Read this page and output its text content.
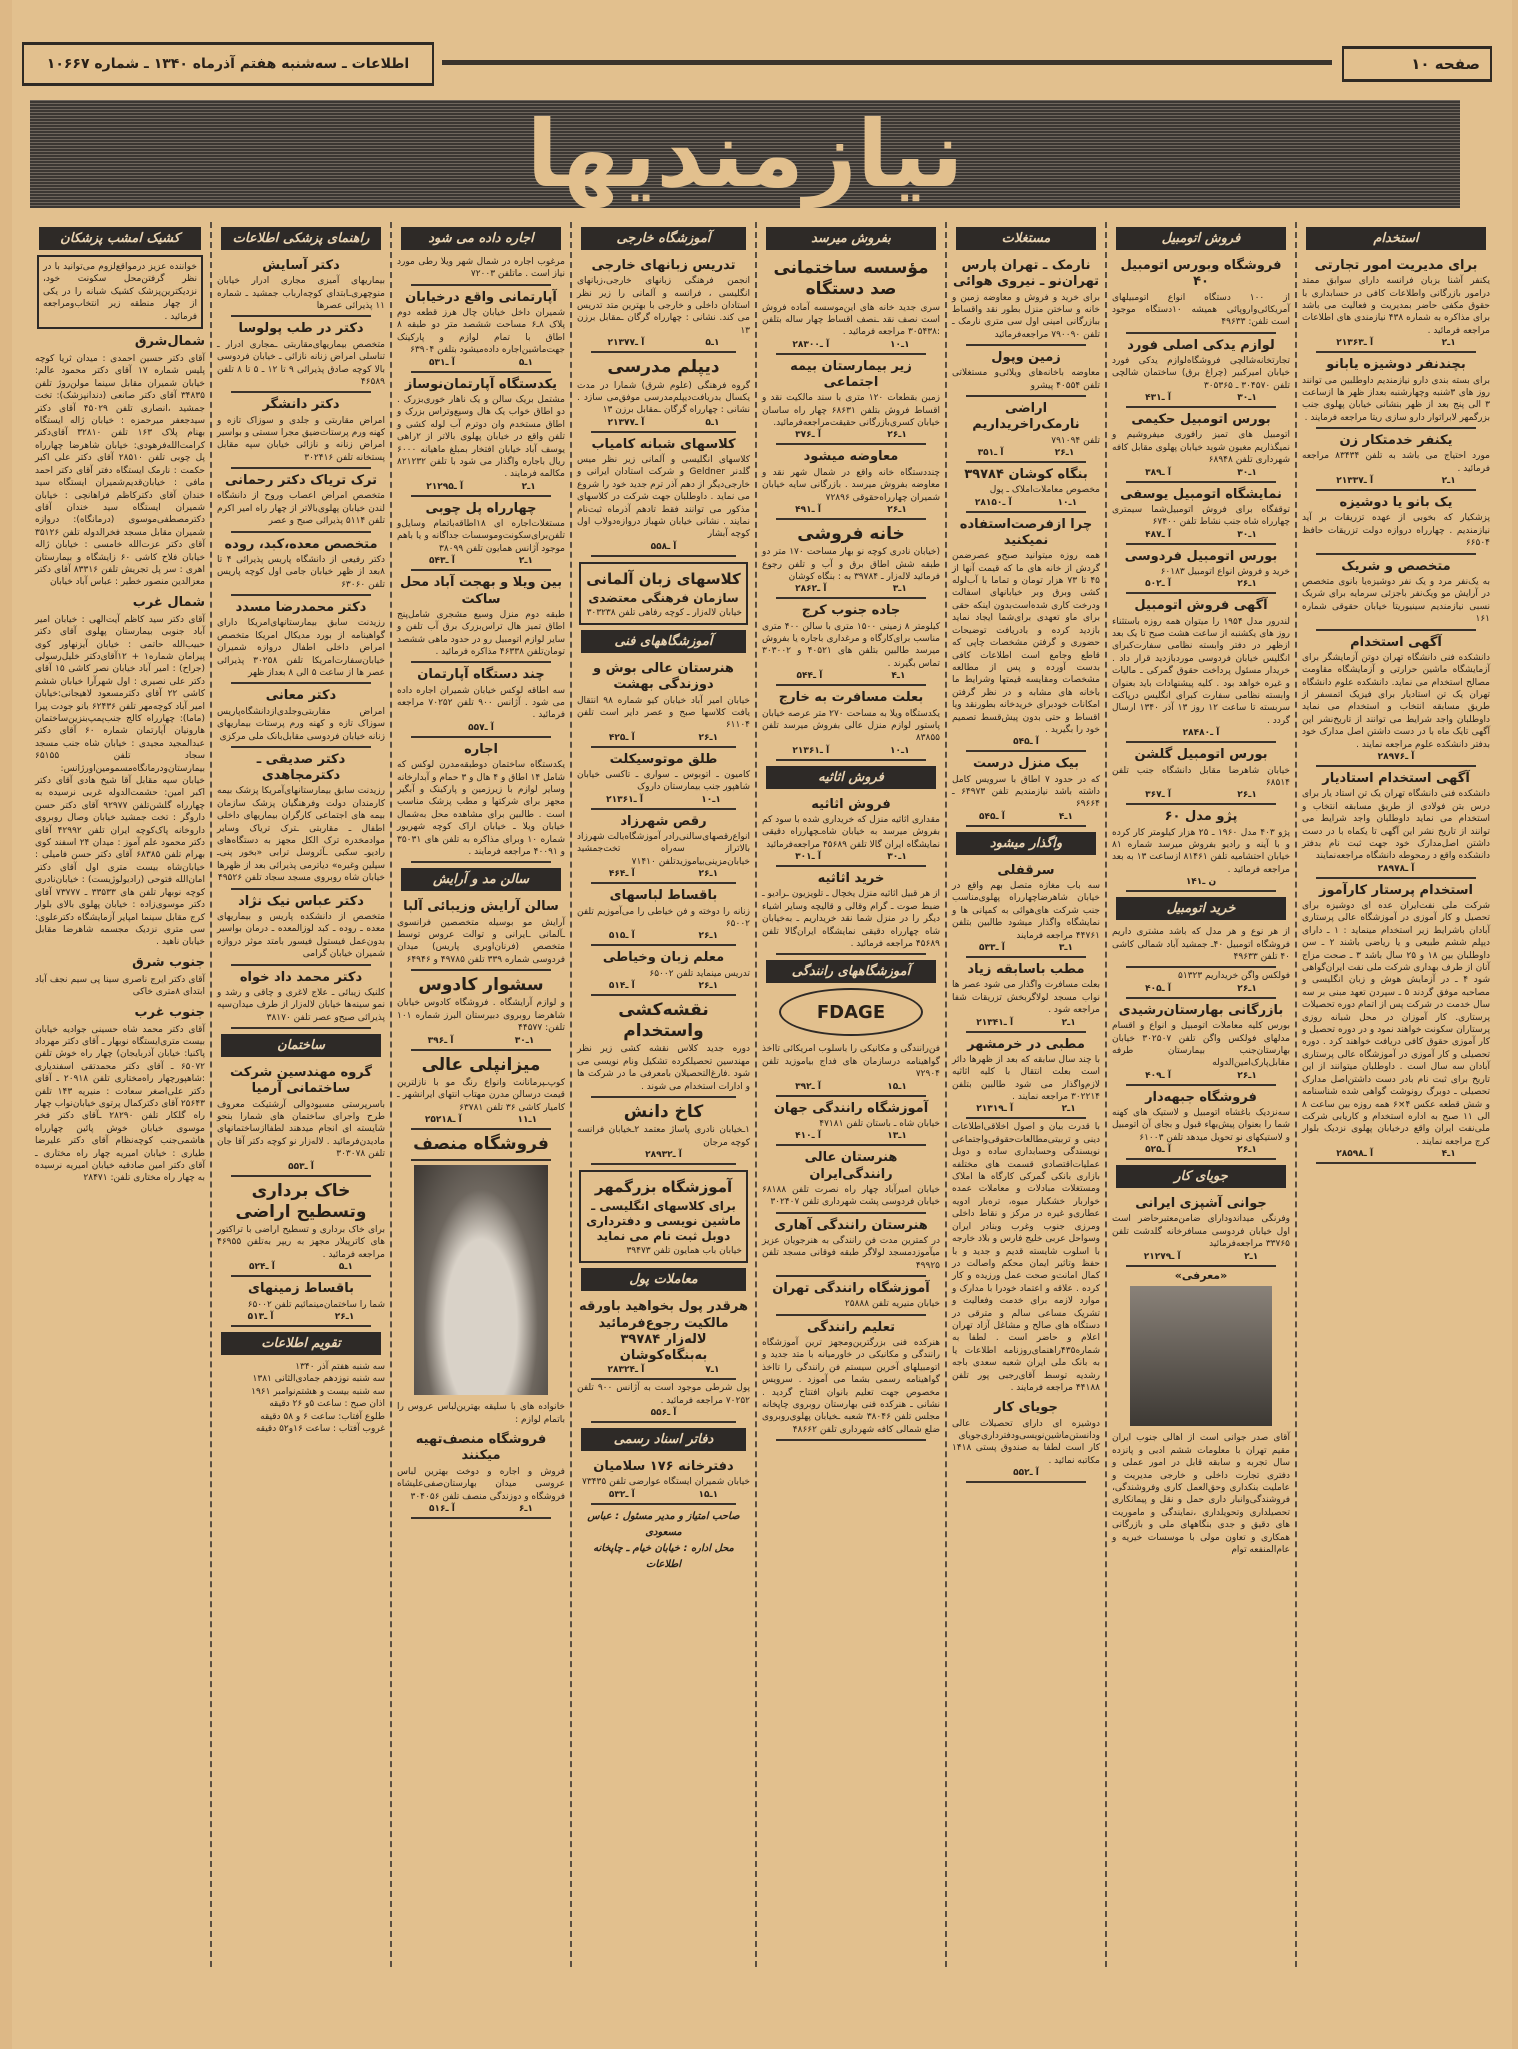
صفحه ۱۰
اطلاعات ـ سه‌شنبه هفتم آذرماه ۱۳۴۰ ـ شماره ۱۰۶۶۷
نیازمندیها
استخدام
برای مدیریت امور تجارتی
یکنفر آشنا بزبان فرانسه دارای سوابق ممتد درامور بازرگانی واطلاعات کافی در حسابداری با حقوق مکفی حاضر بمدیریت و فعالیت می باشد برای مذاکره به شماره ۴۳۸ نیازمندی های اطلاعات مراجعه فرمائید .
۱ـ۲
آ ـ۲۱۳۶۳
بچندنفر دوشیزه یابانو
برای بسته بندی دارو نیازمندیم داوطلبین می توانند روز های ۳شنبه وچهارشنبه بعداز ظهر ها ازساعت ۳ الی پنج بعد از ظهر بنشانی خیابان پهلوی جنب بزرگمهر لابراتوار دارو سازی ریتا مراجعه فرمایند .
یکنفر خدمتکار زن
مورد احتیاج می باشد به تلفن ۸۳۴۳۴ مراجعه فرمائید .
۱ـ۲
آ ـ۲۱۳۳۷
یک بانو یا دوشیزه
پزشکیار که بخوبی از عهده تزریقات بر آید نیازمندیم . چهارراه دروازه دولت تزریقات حافظ ۶۶۵۰۴
متخصص و شریک
به یک‌نفر مرد و یک نفر دوشیزه‌یا بانوی متخصص در آرایش مو ویک‌نفر باجزئی سرمایه برای شریک نسبی نیازمندیم سینیوریتا خیابان حقوقی شماره ۱۶۱
آگهی استخدام
دانشکده فنی دانشگاه تهران دوتن آزمایشگر برای آزمایشگاه ماشین حرارتی و آزمایشگاه مقاومت مصالح استخدام می نماید. دانشکده علوم دانشگاه تهران یک تن استادیار برای فیزیک اتمسفر از طریق مسابقه انتخاب و استخدام می نماید داوطلبان واجد شرایط می توانند از تاریخ‌نشر این آگهی تایک ماه با در دست داشتن اصل مدارک خود بدفتر دانشکده علوم مراجعه نمایند .
آ ـ۲۸۹۷۶
آگهی استخدام استادیار
دانشکده فنی دانشگاه تهران یک تن استاد یار برای درس بتن فولادی از طریق مسابقه انتخاب و استخدام می نماید داوطلبان واجد شرایط می توانند از تاریخ نشر این آگهی تا یکماه با در دست داشتن اصل‌مدارک خود جهت ثبت نام بدفتر دانشکده واقع د رمحوطه دانشگاه مراجعه‌نمایند
آ ـ۲۸۹۷۸
استخدام پرستار کارآموز
شرکت ملی نفت‌ایران عده ای دوشیزه برای تحصیل و کار آموزی در آموزشگاه عالی پرستاری آبادان باشرایط زیر استخدام مینماید : ۱ ـ دارای دیپلم ششم طبیعی و یا ریاضی باشند ۲ ـ سن داوطلبان بین ۱۸ و ۲۵ سال باشد ۳ ـ صحت مزاج آنان از طرف بهداری شرکت ملی نفت ایران‌گواهی شود ۴ ـ در آزمایش هوش و زبان انگلیسی و مصاحبه موفق گردند ۵ ـ سپردن تعهد مبنی بر سه سال خدمت در شرکت پس از اتمام دوره تحصیلات پرستاری. کار آموزان در محل شبانه روزی پرستاران سکونت خواهند نمود و در دوره تحصیل و کار آموزی حقوق کافی دریافت خواهند کرد . دوره تحصیلی و کار آموزی در آموزشگاه عالی پرستاری آبادان سه سال است . داوطلبان میتوانند از این تاریخ برای ثبت نام بادر دست داشتن‌اصل مدارک تحصیلی ـ دوبرگ رونوشت گواهی شده شناسنامه و شش قطعه عکس ۴×۶ همه روزه بین ساعت ۸ الی ۱۱ صبح به اداره استخدام و کاریابی شرکت ملی‌نفت ایران واقع درخیابان پهلوی نزدیک بلوار کرج مراجعه نمایند .
۱ـ۴
آ ـ۲۸۵۹۸
فروش اتومبیل
فروشگاه وبورس اتومبیل ۴۰
از ۱۰۰ دستگاه انواع اتومبیلهای آمریکائی‌واروپائی همیشه ۱۰دستگاه موجود است تلفن: ۴۹۶۳۳
لوازم یدکی اصلی فورد
تجارتخانه‌شالچی فروشگاه‌لوازم یدکی فورد خیابان امیرکبیر (چراغ برق) ساختمان شالچی تلفن ۳۰۴۵۷۰ ـ ۳۰۵۳۶۵
۱ـ۳۰
آ ـ۴۳۱
بورس اتومبیل حکیمی
اتومبیل های تمیز رافوری میفروشیم و نمیگذاریم مغبون شوید خیابان پهلوی مقابل کافه شهرداری تلفن ۶۸۹۴۸
۱ـ۳۰
آ ـ۳۸۹
نمایشگاه اتومبیل یوسفی
توقفگاه برای فروش اتومبیل‌شما سیمتری چهارراه شاه جنب نشاط تلفن ۶۷۴۰۰
۱ـ۳۰
آ ـ۴۸۷
بورس اتومبیل فردوسی
خرید و فروش انواع اتومبیل ۶۰۱۸۳
۱ـ۲۶
آ ـ۵۰۲
آگهی فروش اتومبیل
لندرور مدل ۱۹۵۴ را میتوان همه روزه باستثناء روز های یکشنبه از ساعت هشت صبح تا یک بعد ازظهر در دفتر وابسته نظامی سفارت‌کبرای انگلیس خیابان فردوسی موردبازدید قرار داد . خریدار مسئول پرداخت حقوق گمرکی ـ مالیات و غیره خواهد بود . کلیه پیشنهادات باید بعنوان وابسته نظامی سفارت کبرای انگلیس درپاکت سربسته تا ساعت ۱۲ روز ۱۳ آذر ۱۳۴۰ ارسال گردد .
آ ـ۲۸۴۸۰
بورس اتومبیل گلشن
خیابان شاهرضا مقابل دانشگاه جنب تلفن ۶۸۵۱۴
۱ـ۲۶
آ ـ۳۶۷
پژو مدل ۶۰
پژو ۴۰۳ مدل ۱۹۶۰ ـ ۲۵ هزار کیلومتر کار کرده و با آینه و رادیو بفروش میرسد شماره ۸۱ خیابان احتشامیه تلفن ۸۱۴۶۱ ازساعت ۱۳ به بعد مراجعه فرمائید .
ن ـ۱۴۱
خرید اتومبیل
از هر نوع و هر مدل که باشد مشتری داریم فروشگاه اتومبیل ۴۰ـ جمشید آباد شمالی کاشی ۴۰ تلفن ۴۹۶۳۳
فولکس واگن خریداریم ۵۱۳۲۳
۱ـ۲۶
آ ـ۴۰۵
بازرگانی بهارستان‌رشیدی
بورس کلیه معاملات اتومبیل و انواع و اقسام مدلهای فولکس واگن تلفن ۳۰۲۵۰۷ خیابان بهارستان‌جنب بیمارستان طرفه مقابل‌پارک‌امین‌الدوله
۱ـ۲۶
آ ـ۴۰۹
فروشگاه جبهه‌دار
سه‌نزدیک باغشاه اتومبیل و لاستیک های کهنه شما را بعنوان پیش‌بهاء قبول و بجای آن اتومبیل و لاستیکهای نو تحویل میدهد تلفن ۶۱۰۰۳
۱ـ۲۶
آ ـ۵۲۵
جویای کار
جوانی آشپزی ایرانی
وفرنگی میداندودارای ضامن‌معتبرحاضر است اول خیابان فردوسی مسافرخانه گلدشت تلفن ۳۳۷۶۵ مراجعه‌فرمائید
۱ـ۲
آ ـ۲۱۲۷۹
«معرفی»
آقای صدر جوانی است از اهالی جنوب ایران مقیم تهران با معلومات ششم ادبی و پانزده سال تجربه و سابقه قابل در امور عملی و دفتری تجارت داخلی و خارجی مدیریت و عاملیت بنکداری وحق‌العمل کاری وفروشندگی، فروشندگی‌وانبار داری حمل و نقل و پیمانکاری تحصیلداری وتحویلداری ،نمایندگی و ماموریت های دقیق و جدی بنگاههای ملی و بازرگانی همکاری و تعاون مولی با موسسات خیریه و عام‌المنفعه توام
مستغلات
نارمک ـ تهران پارس تهران‌نو ـ نیروی هوائی
برای خرید و فروش و معاوضه زمین و خانه و ساختن منزل بطور نقد واقساط ببازرگانی امینی اول سی متری نارمک ـ تلفن ۷۹۰۰۹۰ مراجعه‌فرمائید
زمین وپول
معاوضه باخانه‌های ویلائی‌و مستغلاتی تلفن ۴۰۵۵۴ پیشرو
اراضی نارمک‌راخریداریم
تلفن ۷۹۱۰۹۴
۱ـ۲۶
آ ـ۳۵۱
بنگاه کوشان ۳۹۷۸۴
مخصوص معاملات‌املاک‌ ـ پول
۱ـ۱۰
آ ـ۲۸۱۵۰
چرا ازفرصت‌استفاده نمیکنید
همه روزه میتوانید صبح‌و عصرضمن گردش از خانه های ما که قیمت آنها از ۴۵ تا ۷۳ هزار تومان و تماما با آب‌لوله کشی وبرق وبر خیابانهای اسفالت ودرخت کاری شده‌است‌بدون اینکه حقی برای ماو تعهدی برای‌شما ایجاد نماید بازدید کرده و بادریافت توضیحات حضوری و گرفتن مشخصات چاپی که قاطع وجامع است اطلاعات کافی بدست آورده و پس از مطالعه مشخصات ومقایسه قیمتها وشرایط ما باخانه های مشابه و در نظر گرفتن امکانات خودبرای خریدخانه بطورنقد ویا اقساط و حتی بدون پیش‌قسط تصمیم خود را بگیرید .
آ ـ۵۴۵
بیک منزل درست
که در حدود ۷ اطاق با سرویس کامل داشته باشد نیازمندیم تلفن ۶۴۹۷۳ ـ ۶۹۶۶۴
۱ـ۴
آ ـ۵۴۵
واگذار میشود
سرقفلی
سه باب مغازه متصل بهم واقع در خیابان شاهرضاچهارراه پهلوی‌مناسب جنب شرکت های‌هوائی به کمپانی ها و نمایشگاه واگذار میشود طالبین بتلفن ۴۴۷۶۱ مراجعه فرمایند
۱ـ۳
آ ـ۵۳۳
مطب باسابقه زیاد
بعلت مسافرت واگذار می شود عصر ها نواب مسجد لولاگربخش تزریقات شفا مراجعه شود .
۱ـ۲
آ ـ۲۱۳۴۱
مطبی در خرمشهر
با چند سال سابقه که بعد از ظهرها دائر است بعلت انتقال با کلیه اثاثیه لازم‌واگذار می شود طالبین بتلفن ۳۰۲۲۱۴ مراجعه نمایند .
۱ـ۲
آ ـ۲۱۳۱۹
با قدرت بیان و اصول اخلاقی‌اطلاعات دینی و تربیتی‌مطالعات‌حقوقی‌واجتماعی نویسندگی وحسابداری ساده و دوبل عملیات‌اقتصادی قسمت های مختلفه بازاری بانکی گمرکی کارگاه ها املاک ومستغلات مبادلات و معاملات عمده خواربار خشکبار میوه، تره‌بار ادویه عطاری‌و غیره در مرکز و نقاط داخلی ومرزی جنوب وغرب وبنادر ایران وسواحل عربی خلیج فارس و بلاد خارجه با اسلوب شایسته قدیم و جدید و با حفظ وتاثیر ایمان محکم واصالت در کمال امانت‌و صحت عمل ورزیده و کار کرده . علاقه و اعتماد خودرا با مدارک و موارد لازمه برای خدمت وفعالیت و تشریک مساعی سالم و مترقی در دستگاه های صالح و مشاغل آزاد تهران اعلام و حاضر است . لطفا به شماره۴۳۵راهنمای‌روزنامه اطلاعات یا به بانک ملی ایران شعبه سعدی باجه رشدیه توسط آقای‌رجبی پور تلفن ۴۴۱۸۸ مراجعه فرمایند .
جویای کار
دوشیزه ای دارای تحصیلات عالی ودانستن‌ماشین‌نویسی‌ودفترداری‌جویای کار است لطفا به صندوق پستی ۱۴۱۸ مکاتبه نمائید .
آ ـ۵۵۲
بفروش میرسد
مؤسسه ساختمانی صد دستگاه
سری جدید خانه های این‌موسسه آماده فروش است نصف نقد ـنصف اقساط چهار ساله بتلفن :۳۰۵۴۳۸ مراجعه فرمائید .
۱ـ۱۰
آ ـ۲۸۳۰۰
زیر بیمارستان بیمه اجتماعی
زمین بقطعات ۱۲۰ متری با سند مالکیت نقد و اقساط فروش بتلفن ۶۸۶۳۱ چهار راه ساسان خیابان کسری‌بازرگانی حقیقت‌مراجعه‌فرمائید.
۱ـ۲۶
آ ـ۳۷۶
معاوضه میشود
چنددستگاه خانه واقع در شمال شهر نقد و معاوضه بفروش میرسد . بازرگانی سایه خیابان شمیران چهارراه‌حقوقی ۷۲۸۹۶
۱ـ۲۶
آ ـ۴۹۱
خانه فروشی
(خیابان نادری کوچه نو بهار مساحت ۱۷۰ متر دو طبقه شش اطاق برق و آب و تلفن رجوع فرمائید لاله‌زار ـ ۳۹۷۸۴ به : بنگاه کوشان
۱ـ۳
آ ـ۲۸۶۲
جاده جنوب کرج
کیلومتر ۸ زمینی ۱۵۰۰ متری با سالن ۴۰۰ متری مناسب برای‌کارگاه و مرغداری باجاره یا بفروش میرسد طالبین بتلفن های ۴۰۵۲۱ و ۳۰۳۰۰۲ تماس بگیرند .
۱ـ۴
آ ـ۵۴۴
بعلت مسافرت به خارج
یکدستگاه ویلا به مساحت ۲۷۰ متر عرصه خیابان پاستور لوازم منزل عالی بفروش میرسد تلفن ۸۳۸۵۵
۱ـ۱۰
آ ـ۲۱۳۶۱
فروش اثاثیه
فروش اثاثیه
مقداری اثاثیه منزل که خریداری شده با سود کم بفروش میرسد به خیابان شاه‌ـچهارراه دقیقی نمایشگاه ایران گالا تلفن ۴۵۶۸۹ مراجعه‌فرمائید
۱ـ۳۰
آ ـ۳۰۱
خرید اثاثیه
از هر قبیل اثاثیه منزل یخچال ـ تلویزیون ـرادیو ـ ضبط صوت ـ گرام وقالی و قالیچه وسایر اشیاء دیگر را در منزل شما نقد خریداریم ـ به‌خیابان شاه چهارراه دقیقی نمایشگاه ایران‌گالا تلفن ۴۵۶۸۹ مراجعه فرمائید .
آموزشگاههای رانندگی
FDAGE
فن‌رانندگی و مکانیکی را باسلوب امریکائی تااخذ گواهینامه درسازمان های فداج بیاموزید تلفن ۷۲۹۰۴
۱ـ۱۵
آ ـ۳۹۲
آموزشگاه رانندگی جهان
خیابان شاه ـ باستان تلفن ۴۷۱۸۱
۱ـ۱۳
آ ـ۴۱۰
هنرستان عالی رانندگی‌ایران
خیابان امیرآباد چهار راه نصرت تلفن ۶۸۱۸۸ خیابان فردوسی پشت شهرداری تلفن ۳۰۲۴۰۷
هنرستان رانندگی آهاری
در کمترین مدت فن رانندگی به هنرجویان عزیز میآموزد‌مسجد لولاگر طبقه فوقانی مسجد تلفن ۴۹۹۲۵
آموزشگاه رانندگی تهران
خیابان منیریه تلفن ۲۵۸۸۸
تعلیم رانندگی
هنرکده فنی بزرگترین‌ومجهز ترین آموزشگاه رانندگی و مکانیکی در خاورمیانه با متد جدید و اتومبیلهای آخرین سیستم فن رانندگی را تااخذ گواهینامه رسمی بشما می آموزد . سرویس مخصوص جهت تعلیم بانوان افتتاح گردید . نشانی ـ هنرکده فنی بهارستان روبروی چاپخانه مجلس تلفن ۳۸۰۴۶ شعبه ـخیابان پهلوی‌روبروی ضلع شمالی کافه شهرداری تلفن ۴۸۶۶۲
آموزشگاه خارجی
تدریس زبانهای خارجی
انجمن فرهنگی زبانهای خارجی‌،زبانهای انگلیسی ، فرانسه و آلمانی را زیر نظر استادان داخلی و خارجی با بهترین متد تدریس می کند. نشانی : چهارراه گرگان ـمقابل برزن ۱۳
۱ـ۵
آ ـ۲۱۳۷۷
دیپلم مدرسی
گروه فرهنگی (علوم شرق) شمارا در مدت یکسال بدریافت‌دیپلم‌مدرسی موفق‌می سازد . نشانی : چهارراه گرگان ـمقابل برزن ۱۳
۱ـ۵
آ ـ۲۱۳۷۷
کلاسهای شبانه کامیاب
کلاسهای انگلیسی و آلمانی زیر نظر میس گلدنر Geldner و شرکت استادان ایرانی و خارجی‌دیگر از دهم آذر ترم جدید خود را شروع می نماید . داوطلبان جهت شرکت در کلاسهای مذکور می توانند فقط تادهم آذرماه ثبت‌نام نمایند . نشانی خیابان شهباز دروازه‌دولاب اول کوچه آبشار
آ ـ۵۵۸
کلاسهای زبان آلمانی
سازمان فرهنگی معتضدی
خیابان لاله‌زار ـ کوچه رفاهی تلفن ۳۰۳۲۳۸
آموزشگاههای فنی
هنرستان عالی بوش و دوزندگی بهشت
خیابان امیر آباد خیابان کیو شماره ۹۸ انتقال یافت کلاسها صبح و عصر دایر است تلفن ۶۱۱۰۴
۱ـ۲۶
آ ـ۴۲۵
طلق موتوسیکلت
کامیون ـ اتوبوس ـ سواری ـ تاکسی خیابان شاهپور جنب بیمارستان داروک
۱ـ۱۰
آ ـ۲۱۳۶۱
رقص شهرزاد
انواع‌رقصهای‌سالنی‌رادر آموزشگاه‌بالت شهرزاد بالاتراز سه‌راه تخت‌جمشید خیابان‌مزینی‌بیاموزیدتلفن ۷۱۴۱۰
۱ـ۲۶
آ ـ۴۶۴
باقساط لباسهای
زنانه را دوخته و فن خیاطی را می‌آموزیم تلفن ۶۵۰۰۲
۱ـ۲۶
آ ـ۵۱۵
معلم زبان وخیاطی
تدریس مینماید تلفن ۶۵۰۰۲
۱ـ۲۶
آ ـ۵۱۴
نقشه‌کشی واستخدام
دوره جدید کلاس نقشه کشی زیر نظر مهندسین تحصیلکرده تشکیل ونام نویسی می شود .فارغ‌التحصیلان بامعرفی ما در شرکت ها و ادارات استخدام می شوند .
کاخ دانش
۱ـخیابان نادری پاساژ معتمد ۲ـخیابان فرانسه کوچه مرجان
آ ـ۲۸۹۳۲
آموزشگاه بزرگمهر
برای کلاسهای انگلیسی ـ ماشین نویسی و دفترداری دوبل ثبت نام می نماید
خیابان باب همایون تلفن ۳۹۴۷۳
معاملات پول
هرقدر پول بخواهید باورقه مالکیت رجوع‌فرمائید لاله‌زار ۳۹۷۸۴ به‌بنگاه‌کوشان
۱ـ۷
آ ـ۲۸۳۲۴
پول شرطی موجود است به آژانس ۹۰۰ تلفن ۷۰۲۵۲ مراجعه فرمائید .
آ ـ۵۵۶
دفاتر اسناد رسمی
دفترخانه ۱۷۶ سلامیان
خیابان شمیران ایستگاه عوارضی تلفن ۷۳۴۳۵
۱ـ۱۵
آ ـ۵۳۲
صاحب امتیاز و مدیر مسئول : عباس مسعودی
محل اداره : خیابان خیام ـ چاپخانه اطلاعات
اجاره داده می شود
مرغوب اجاره در شمال شهر ویلا رطی مورد نیاز است . ماتلفن ۷۲۰۰۳
آپارتمانی واقع درخیابان
شمیران داخل خیابان چال هرز قطعه دوم پلاک ۸ـ۶ مساحت ششصد متر دو طبقه ۸ اطاق با تمام لوازم و پارکینک جهت‌ماشین‌اجاره داده‌میشود بتلفن ۶۳۹۰۴
۱ـ۵
آ ـ۵۳۱
یکدستگاه آپارتمان‌نوساز
مشتمل بریک سالن و یک ناهار خوری‌بزرک . دو اطاق خواب یک هال وسیع‌وتراس بزرک و اطاق مستخدم وان دوترم آب لوله کشی و تلفن واقع در خیابان پهلوی بالاتر از ۲راهی یوسف آباد خیابان افتخار بمبلغ ماهیانه ۶۰۰۰ ریال باجاره واگذار می شود با تلفن ۸۲۱۲۳۲ مکالمه فرمایند .
۱ـ۲
آ ـ۲۱۲۹۵
چهارراه پل چوبی
مستغلات‌اجاره ای ۱۸اطاقه‌باتمام وسایل‌و تلفن‌برای‌سکونت‌وموسسات جداگانه و یا باهم موجود آژانس همایون تلفن ۳۸۰۹۹
۱ـ۲
آ ـ۵۴۳
بین ویلا و بهجت آباد محل ساکت
طبقه دوم منزل وسیع مشجری شامل‌پنج اطاق تمیز هال تراس‌بزرک برق آب تلفن و سایر لوازم اتومبیل رو در حدود ماهی ششصد تومان‌تلفن ۴۶۳۳۸ مذاکره فرمائید .
چند دستگاه آپارتمان
سه اطاقه لوکس خیابان شمیران اجاره داده می شود . آژانس ۹۰۰ تلفن ۷۰۲۵۲ مراجعه فرمائید .
آ ـ۵۵۷
اجاره
یکدستگاه ساختمان دوطبقه‌مدرن لوکس که شامل ۱۴ اطاق و ۴ هال و ۳ حمام و آبدارخانه وسایر لوازم با زیرزمین و پارکینک و آبگیر مجهز برای شرکتها و مطب پزشک مناسب است . طالبین برای مشاهده محل به‌شمال خیابان ویلا ـ خیابان اراک کوچه شهریور شماره ۱۰ وبرای مذاکره به تلفن های ۳۵۰۳۱ و ۴۰۰۹۱ مراجعه فرمایند .
سالن مد و آرایش
سالن آرایش وزیبائی آلبا
آرایش مو بوسیله متخصصین فرانسوی ـآلمانی ـایرانی و توالت عروس توسط متخصص (فرنان‌اوبری پاریس) میدان فردوسی شماره ۳۳۹ تلفن ۴۹۷۸۵ و ۶۴۹۴۶
سشوار کادوس
و لوازم آرایشگاه . فروشگاه کادوس خیابان شاهرضا روبروی دبیرستان البرز شماره ۱۰۱ تلفن: ۴۴۵۷۷
۱ـ۳۰
آ ـ۳۹۶
میزانپلی عالی
کوپ‌ـپرمانانت وانواع رنگ مو با نازلترین قیمت درسالن مدرن مهتاب انتهای ایرانشهر ـ کامیار کاشی ۳۶ تلفن ۶۳۷۸۱
۱ـ۱۱
آ ـ۲۵۲۱۸
فروشگاه منصف
خانواده های با سلیقه بهترین‌لباس عروس را باتمام لوازم :
فروشگاه منصف‌تهیه میکنند
فروش و اجاره و دوخت بهترین لباس عروسی میدان بهارستان‌صفی‌علیشاه فروشگاه و دوزندگی منصف تلفن ۳۰۴۰۵۶
۱ـ۶
آ ـ۵۱۶
راهنمای پزشکی اطلاعات
دکتر آسایش
بیماریهای آمیزی مجاری ادرار خیابان منوچهری‌ـابتدای کوچه‌ارباب جمشید ـ شماره ۱۱ پذیرائی عصرها
دکتر در طب پولوسا
متخصص بیماریهای‌مقاربتی ـمجاری ادرار ـ تناسلی امراض زنانه نازائی ـ خیابان فردوسی بالا کوچه صادق پذیرائی ۹ تا ۱۲ ـ ۵ تا ۸ تلفن ۴۶۵۸۹
دکتر دانشگر
امراض مقاربتی و جلدی و سوزاک تازه و کهنه ورم پرستات‌ضیق مجرا سستی و بواسیر امراض زنانه و نازائی خیابان سپه مقابل پستخانه تلفن ۳۰۲۴۱۶
ترک تریاک دکتر رحمانی
متخصص امراض اعصاب وروح از دانشگاه لندن خیابان پهلوی‌بالاتر از چهار راه امیر اکرم تلفن ۵۱۱۴ پذیرائی صبح و عصر
متخصص معده،کبد، روده
دکتر رفیعی از دانشگاه پاریس پذیرائی ۴ تا ۸بعد از ظهر خیابان جامی اول کوچه پاریس تلفن ۶۳۰۶۰
دکتر محمدرضا مسدد
رزیدنت سابق بیمارستانهای‌امریکا دارای گواهینامه از بورد مدیکال امریکا متخصص امراض داخلی اطفال دروازه شمیران خیابان‌سفارت‌امریکا تلفن ۳۰۲۵۸ پذیرائی عصر ها از ساعت ۵ الی ۸ بعداز ظهر
دکتر معانی
امراض مقاربتی‌وجلدی‌ازدانشگاه‌پاریس سوزاک تازه و کهنه ورم پرستات بیماریهای زنانه خیابان فردوسی مقابل‌بانک ملی مرکزی
دکتر صدیقی ـ دکتر‌مجاهدی
رزیدنت سابق بیمارستانهای‌آمریکا پزشک بیمه کارمندان دولت وفرهنگیان پزشک سازمان بیمه های اجتماعی کارگران بیماریهای داخلی اطفال ـ مقاربتی ـترک تریاک وسایر موادمخدره ترک الکل مجهز به دستگاه‌های رادیو‌ـ سکبی ـآئروسل ترابی «بخور پنی‌ـ سیلین وغیره» دیاترمی پذیرائی بعد از ظهرها خیابان شاه روبروی مسجد سجاد تلفن ۴۹۵۲۶
دکتر عباس نیک نژاد
متخصص از دانشکده پاریس و بیماریهای معده ـ روده ـ کبد لوزالمعده ـ درمان بواسیر بدون‌عمل فیستول فیسور بامتد موثر دروازه شمیران خیابان گرامی
دکتر محمد داد خواه
کلنیک زیبائی ـ علاج لاغری و چاقی و رشد و نمو سینه‌ها خیابان لاله‌زار از طرف میدان‌سپه پذیرائی صبح‌و عصر تلفن ۳۸۱۷۰
ساختمان
گروه مهندسین شرکت ساختمانی آرمیا
باسرپرستی مسیودوالی آرشتیکت معروف طرح واجرای ساختمان های شمارا بنحو شایسته ای انجام میدهند لطفااز‌ساختمانهای مادیدن‌فرمائید . لاله‌زار نو کوچه دکتر آقا جان تلفن ۳۰۳۰۷۸
آ ـ۵۵۳
خاک برداری وتسطیح اراضی
برای خاک برداری و تسطیح اراضی با تراکتور های کاترپیلار مجهز به ریپر به‌تلفن ۴۶۹۵۵ مراجعه فرمائید .
۱ـ۵
آ ـ۵۲۴
باقساط زمینهای
شما را ساختمان‌مینمائیم تلفن ۶۵۰۰۲
۱ـ۲۶
آ ـ۵۱۳
تقویم اطلاعات
سه شنبه هفتم آذر ۱۳۴۰
سه شنبه نوزدهم جمادی‌الثانی ۱۳۸۱
سه شنبه بیست و هشتم‌نوامبر ۱۹۶۱
اذان صبح : ساعت ۵و ۲۶ دقیقه
طلوع آفتاب: ساعت ۶ و ۵۸ دقیقه
غروب آفتاب : ساعت ۱۶و۵۲ دقیقه
کشیک امشب پزشکان
خواننده عزیز درمواقع‌لزوم می‌توانید با در نظر گرفتن‌محل سکونت خود، نزدیکترین‌پزشک کشیک شبانه را در یکی از چهار منطقه زیر انتخاب‌ومراجعه فرمائید .
شمال‌شرق
آقای دکتر حسین احمدی : میدان ثریا کوچه پلیس شماره ۱۷ آقای دکتر محمود عالم: خیابان شمیران مقابل سینما مولن‌روژ تلفن ۳۴۸۳۵ آقای دکتر صانعی (دندانپزشک): تخت جمشید ،انصاری تلفن ۴۵۰۲۹ آقای دکتر سیدجعفر میرحمزه : خیابان ژاله ایستگاه بهنام پلاک ۱۶۳ تلفن ۳۲۸۱۰ آقای‌دکتر کرامت‌الله‌فرهودی: خیابان شاهرضا چهارراه پل چوبی تلفن ۲۸۵۱۰ آقای دکتر علی اکبر حکمت : نارمک ایستگاه دفتر آقای دکتر احمد مافی : خیابان‌قدیم‌شمیران ایستگاه سید خندان آقای دکتر‌کاظم فراهانچی : خیابان شمیران ایستگاه سید خندان آقای دکتر‌مصطفی‌موسوی (درمانگاه): دروازه شمیران مقابل مسجد فخرالدوله تلفن ۳۵۱۲۶ آقای دکتر عزت‌الله خامسی : خیابان ژاله خیابان فلاح کاشی ۶۰ زایشگاه و بیمارستان اهری : سر پل تجریش تلفن ۸۳۳۱۶ آقای دکتر معزالدین منصور خطیر : عباس آباد خیابان
شمال غرب
آقای دکتر سید کاظم آیت‌الهی : خیابان امیر آباد جنوبی بیمارستان پهلوی آقای دکتر حبیب‌الله حاتمی : خیابان آیزنهاور کوی پیرامان شماره۱ + ۱۲آقای‌دکتر خلیل‌رسولی (جراح) : امیر آباد خیابان نصر کاشی ۱۵ آقای دکتر علی نصیری : اول شهرآرا خیابان ششم کاشی ۲۲ آقای دکترمسعود لاهیجانی:خیابان امیر آباد کوچه‌مهر تلفن ۶۲۴۳۶ بانو جودت پیرا (ماما): چهارراه کالج جنب‌پمپ‌بنزین‌ساختمان هارونیان آپارتمان شماره ۶۰ آقای دکتر عبدالمجید مجیدی : خیابان شاه جنب مسجد سجاد تلفن ۶۵۱۵۵ بیمارستان‌ودرمانگاه‌مسمومین‌اورژانس: خیابان سپه مقابل آقا شیخ هادی آقای دکتر اکبر امین: حشمت‌الدوله غربی نرسیده به چهارراه گلشن‌تلفن ۹۲۹۷۷ آقای دکتر حسن داروگر : تخت جمشید خیابان وصال روبروی داروخانه پاک‌کوچه ایران تلفن ۴۲۹۹۲ آقای دکتر محمود علم آموز : میدان ۲۴ اسفند کوی بهرام تلفن ۶۸۳۸۵ آقای دکتر حسن فامیلی : خیابان‌شاه بیست متری اول آقای دکتر امان‌الله فتوحی (رادیولوژیست) : خیابان‌نادری کوچه نوبهار تلفن های ۳۳۵۳۳ ـ ۷۳۷۷۷ آقای دکتر موسوی‌زاده : خیابان پهلوی بالای بلوار کرج مقابل سینما امپایر آزمایشگاه دکترعلوی: سی متری نزدیک مجسمه شاهرضا مقابل خیابان ناهید .
جنوب شرق
آقای دکتر ایرج ناصری سینا پی سیم نجف آباد ابتدای ۸متری خاکی
جنوب غرب
آقای دکتر محمد شاه حسینی جوادیه خیابان بیست متری‌ایستگاه نوبهار ـ آقای دکتر مهرداد پاکنیا: خیابان آذربایجان) چهار راه خوش تلفن ۶۵۰۷۲ ـ آقای دکتر محمدتقی اسفندیاری :شاهپورچهار راه‌مختاری تلفن ۲۰۹۱۸ ـ آقای دکتر علی‌اصغر سعادت : منیریه ۱۴۳ تلفن ۲۵۶۴۳ آقای دکترکمال پرتوی خیابان‌نواب چهار راه گلکار تلفن ۲۸۲۹۰ ـآقای دکتر فخر موسوی خیابان خوش پائین چهارراه هاشمی‌جنب کوچه‌نظام آقای دکتر علیرضا طیاری : خیابان امیریه چهار راه مختاری ـ آقای دکتر امین صادقیه خیابان امیریه نرسیده به چهار راه مختاری تلفن: ۲۸۴۷۱
